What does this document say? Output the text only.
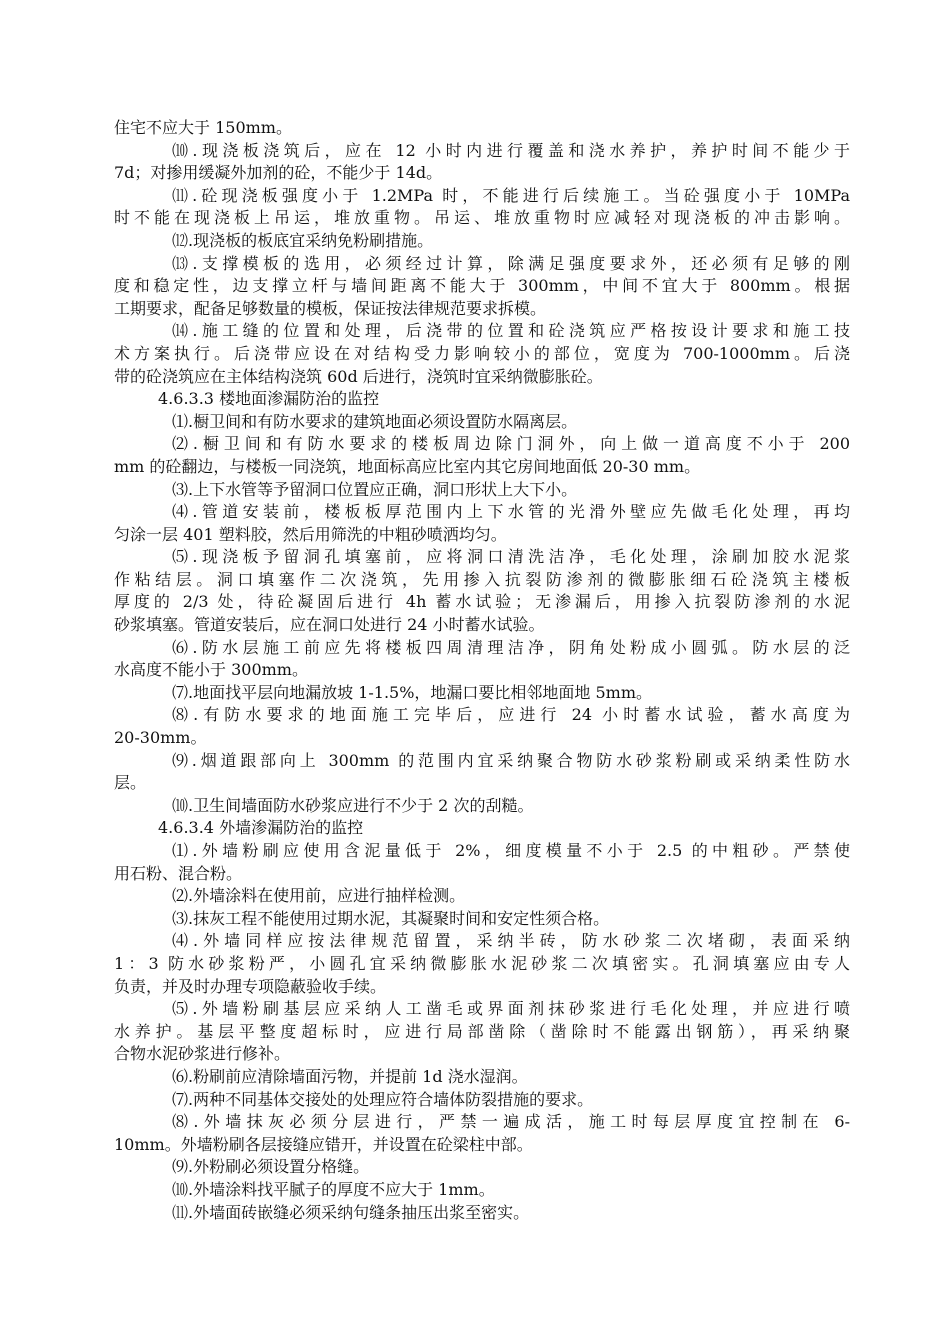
住宅不应大于 150mm。
⑽.现浇板浇筑后，应在 12 小时内进行覆盖和浇水养护，养护时间不能少于
7d；对掺用缓凝外加剂的砼，不能少于 14d。
⑾.砼现浇板强度小于 1.2MPa 时，不能进行后续施工。当砼强度小于 10MPa
时不能在现浇板上吊运，堆放重物。吊运、堆放重物时应减轻对现浇板的冲击影响。
⑿.现浇板的板底宜采纳免粉刷措施。
⒀.支撑模板的选用，必须经过计算，除满足强度要求外，还必须有足够的刚
度和稳定性，边支撑立杆与墙间距离不能大于 300mm，中间不宜大于 800mm。根据
工期要求，配备足够数量的模板，保证按法律规范要求拆模。
⒁.施工缝的位置和处理，后浇带的位置和砼浇筑应严格按设计要求和施工技
术方案执行。后浇带应设在对结构受力影响较小的部位，宽度为 700-1000mm。后浇
带的砼浇筑应在主体结构浇筑 60d 后进行，浇筑时宜采纳微膨胀砼。
4.6.3.3 楼地面渗漏防治的监控
⑴.橱卫间和有防水要求的建筑地面必须设置防水隔离层。
⑵.橱卫间和有防水要求的楼板周边除门洞外，向上做一道高度不小于 200
mm 的砼翻边，与楼板一同浇筑，地面标高应比室内其它房间地面低 20-30 mm。
⑶.上下水管等予留洞口位置应正确，洞口形状上大下小。
⑷.管道安装前，楼板板厚范围内上下水管的光滑外壁应先做毛化处理，再均
匀涂一层 401 塑料胶，然后用筛洗的中粗砂喷洒均匀。
⑸.现浇板予留洞孔填塞前，应将洞口清洗洁净，毛化处理，涂刷加胶水泥浆
作粘结层。洞口填塞作二次浇筑，先用掺入抗裂防渗剂的微膨胀细石砼浇筑主楼板
厚度的 2/3 处，待砼凝固后进行 4h 蓄水试验；无渗漏后，用掺入抗裂防渗剂的水泥
砂浆填塞。管道安装后，应在洞口处进行 24 小时蓄水试验。
⑹.防水层施工前应先将楼板四周清理洁净，阴角处粉成小圆弧。防水层的泛
水高度不能小于 300mm。
⑺.地面找平层向地漏放坡 1-1.5%，地漏口要比相邻地面地 5mm。
⑻.有防水要求的地面施工完毕后，应进行 24 小时蓄水试验，蓄水高度为
20-30mm。
⑼.烟道跟部向上 300mm 的范围内宜采纳聚合物防水砂浆粉刷或采纳柔性防水
层。
⑽.卫生间墙面防水砂浆应进行不少于 2 次的刮糙。
4.6.3.4 外墙渗漏防治的监控
⑴.外墙粉刷应使用含泥量低于 2%，细度模量不小于 2.5 的中粗砂。严禁使
用石粉、混合粉。
⑵.外墙涂料在使用前，应进行抽样检测。
⑶.抹灰工程不能使用过期水泥，其凝聚时间和安定性须合格。
⑷.外墙同样应按法律规范留置，采纳半砖，防水砂浆二次堵砌，表面采纳
1：3 防水砂浆粉严，小圆孔宜采纳微膨胀水泥砂浆二次填密实。孔洞填塞应由专人
负责，并及时办理专项隐蔽验收手续。
⑸.外墙粉刷基层应采纳人工凿毛或界面剂抹砂浆进行毛化处理，并应进行喷
水养护。基层平整度超标时，应进行局部凿除（凿除时不能露出钢筋），再采纳聚
合物水泥砂浆进行修补。
⑹.粉刷前应清除墙面污物，并提前 1d 浇水湿润。
⑺.两种不同基体交接处的处理应符合墙体防裂措施的要求。
⑻.外墙抹灰必须分层进行，严禁一遍成活，施工时每层厚度宜控制在 6-
10mm。外墙粉刷各层接缝应错开，并设置在砼梁柱中部。
⑼.外粉刷必须设置分格缝。
⑽.外墙涂料找平腻子的厚度不应大于 1mm。
⑾.外墙面砖嵌缝必须采纳句缝条抽压出浆至密实。
